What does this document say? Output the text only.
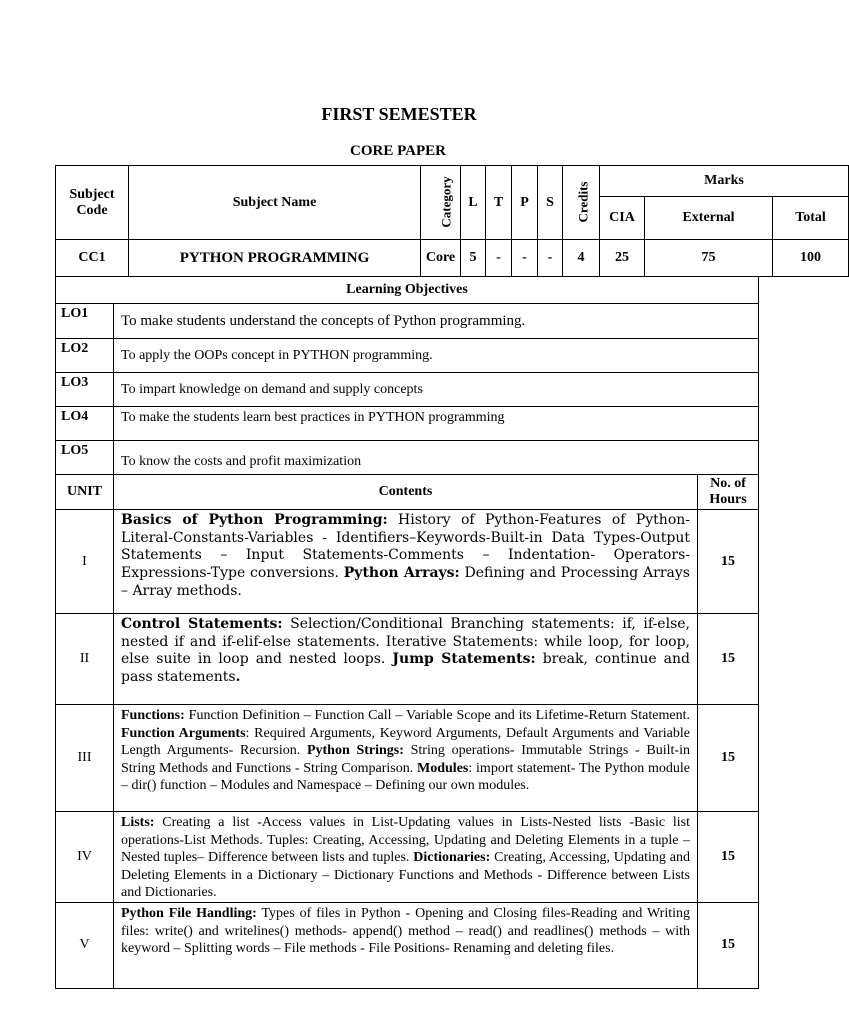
FIRST SEMESTER
CORE PAPER
Subject Code	Subject Name	Category	L	T	P	S	Credits	Marks		
								CIA	External	Total
CC1	PYTHON PROGRAMMING	Core	5	-	-	-	4	25	75	100
Learning Objectives		
LO1	To make students understand the concepts of Python programming.	
LO2	To apply the OOPs concept in PYTHON programming.	
LO3	To impart knowledge on demand and supply concepts	
LO4	To make the students learn best practices in PYTHON programming	
LO5	To know the costs and profit maximization	
UNIT	Contents	No. of Hours
I	Basics of Python Programming: History of Python-Features of Python-Literal-Constants-Variables - Identifiers–Keywords-Built-in Data Types-Output Statements – Input Statements-Comments – Indentation- Operators-Expressions-Type conversions. Python Arrays: Defining and Processing Arrays – Array methods.	15
II	Control Statements: Selection/Conditional Branching statements: if, if-else, nested if and if-elif-else statements. Iterative Statements: while loop, for loop, else suite in loop and nested loops. Jump Statements: break, continue and pass statements.	15
III	Functions: Function Definition – Function Call – Variable Scope and its Lifetime-Return Statement. Function Arguments: Required Arguments, Keyword Arguments, Default Arguments and Variable Length Arguments- Recursion. Python Strings: String operations- Immutable Strings - Built-in String Methods and Functions - String Comparison. Modules: import statement- The Python module – dir() function – Modules and Namespace – Defining our own modules.	15
IV	Lists: Creating a list -Access values in List-Updating values in Lists-Nested lists -Basic list operations-List Methods. Tuples: Creating, Accessing, Updating and Deleting Elements in a tuple – Nested tuples– Difference between lists and tuples. Dictionaries: Creating, Accessing, Updating and Deleting Elements in a Dictionary – Dictionary Functions and Methods - Difference between Lists and Dictionaries.	15
V	Python File Handling: Types of files in Python - Opening and Closing files-Reading and Writing files: write() and writelines() methods- append() method – read() and readlines() methods – with keyword – Splitting words – File methods - File Positions- Renaming and deleting files.	15
